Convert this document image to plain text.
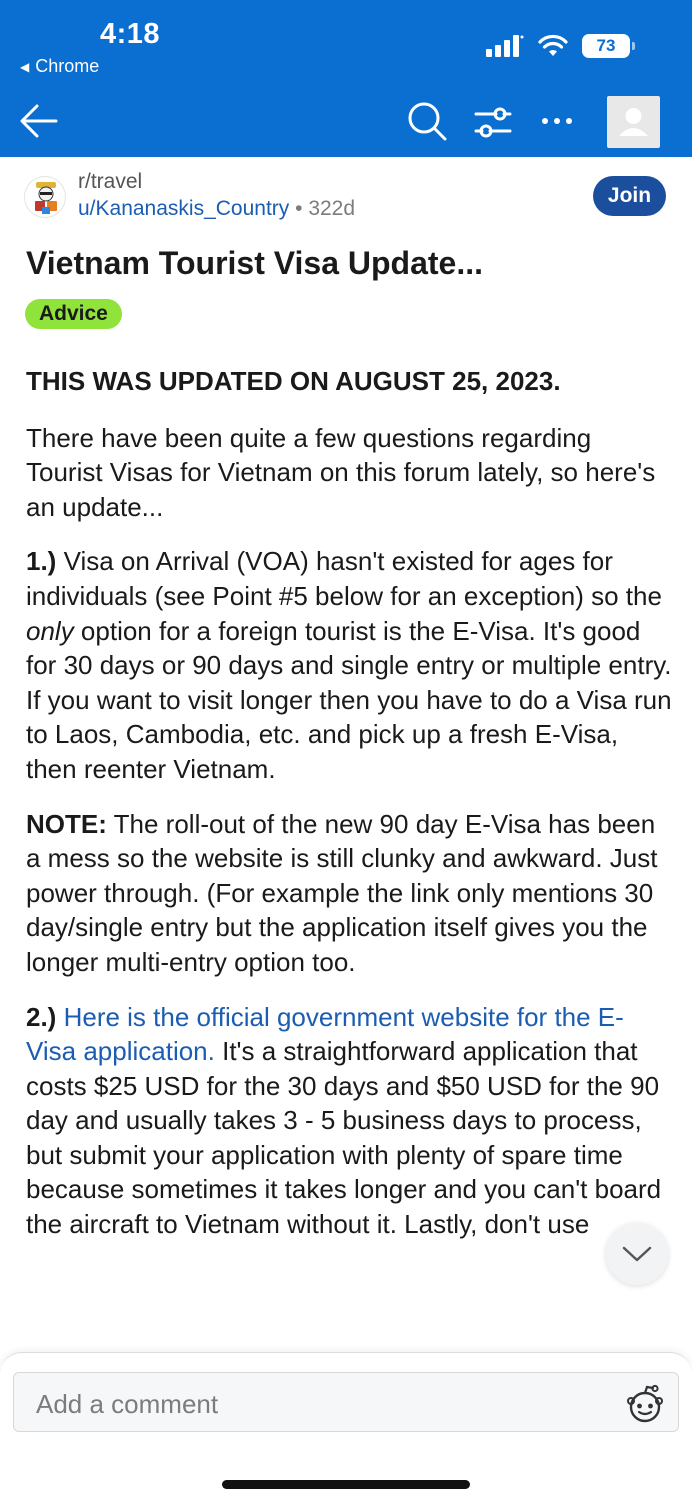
4:18
◀ Chrome
73
r/travel
u/Kananaskis_Country • 322d
Join
Vietnam Tourist Visa Update...
Advice

THIS WAS UPDATED ON AUGUST 25, 2023.

There have been quite a few questions regarding Tourist Visas for Vietnam on this forum lately, so here's an update...

1.) Visa on Arrival (VOA) hasn't existed for ages for individuals (see Point #5 below for an exception) so the only option for a foreign tourist is the E-Visa. It's good for 30 days or 90 days and single entry or multiple entry. If you want to visit longer then you have to do a Visa run to Laos, Cambodia, etc. and pick up a fresh E-Visa, then reenter Vietnam.

NOTE: The roll-out of the new 90 day E-Visa has been a mess so the website is still clunky and awkward. Just power through. (For example the link only mentions 30 day/single entry but the application itself gives you the longer multi-entry option too.

2.) Here is the official government website for the E-Visa application. It's a straightforward application that costs $25 USD for the 30 days and $50 USD for the 90 day and usually takes 3 - 5 business days to process, but submit your application with plenty of spare time because sometimes it takes longer and you can't board the aircraft to Vietnam without it. Lastly, don't use

Add a comment
